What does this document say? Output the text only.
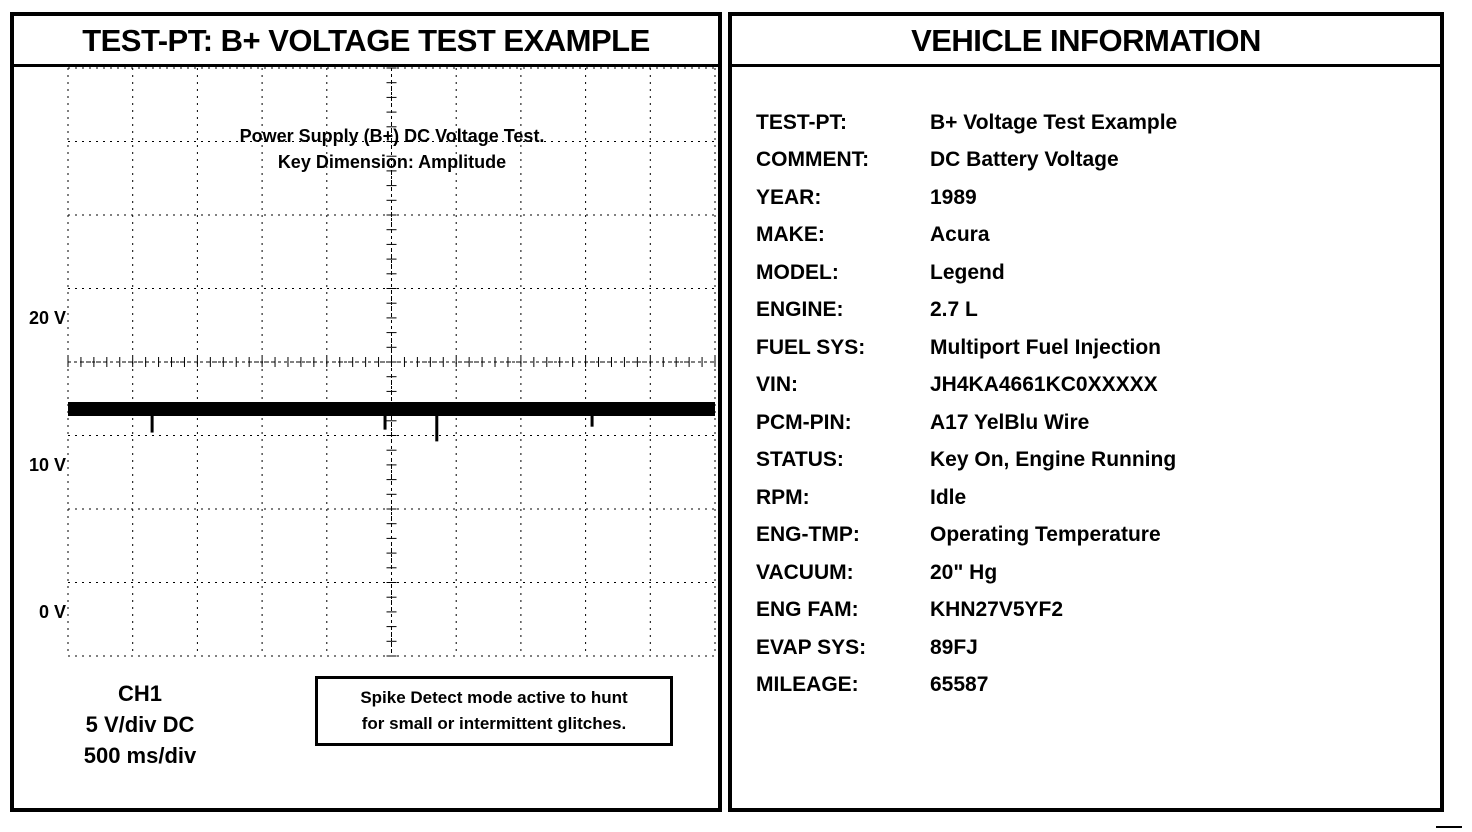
TEST-PT: B+ VOLTAGE TEST EXAMPLE
20 V
10 V
0 V
Power Supply (B+) DC Voltage Test.
Key Dimension: Amplitude
CH1
5 V/div DC
500 ms/div
Spike Detect mode active to hunt
for small or intermittent glitches.
VEHICLE INFORMATION
TEST-PT:	B+ Voltage Test Example
COMMENT:	DC Battery Voltage
YEAR:	1989
MAKE:	Acura
MODEL:	Legend
ENGINE:	2.7 L
FUEL SYS:	Multiport Fuel Injection
VIN:	JH4KA4661KC0XXXXX
PCM-PIN:	A17 YelBlu Wire
STATUS:	Key On, Engine Running
RPM:	Idle
ENG-TMP:	Operating Temperature
VACUUM:	20" Hg
ENG FAM:	KHN27V5YF2
EVAP SYS:	89FJ
MILEAGE:	65587
